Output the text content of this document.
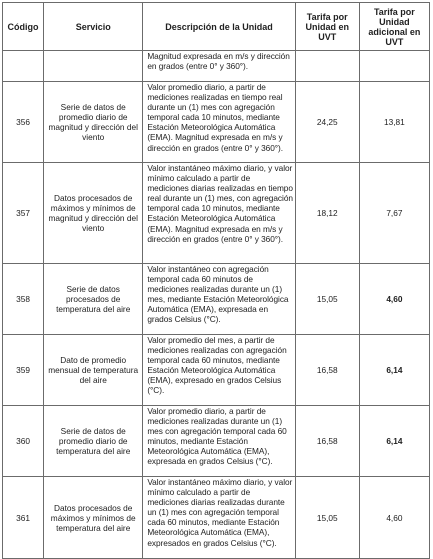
Código	Servicio	Descripción de la Unidad	Tarifa por Unidad en UVT	Tarifa por Unidad adicional en UVT
		Magnitud expresada en m/s y dirección en grados (entre 0° y 360°).		
356	Serie de datos de promedio diario de magnitud y dirección del viento	Valor promedio diario, a partir de mediciones realizadas en tiempo real durante un (1) mes con agregación temporal cada 10 minutos, mediante Estación Meteorológica Automática (EMA). Magnitud expresada en m/s y dirección en grados (entre 0° y 360°).	24,25	13,81
357	Datos procesados de máximos y mínimos de magnitud y dirección del viento	Valor instantáneo máximo diario, y valor mínimo calculado a partir de mediciones diarias realizadas en tiempo real durante un (1) mes, con agregación temporal cada 10 minutos, mediante Estación Meteorológica Automática (EMA). Magnitud expresada en m/s y dirección en grados (entre 0° y 360°).	18,12	7,67
358	Serie de datos procesados de temperatura del aire	Valor instantáneo con agregación temporal cada 60 minutos de mediciones realizadas durante un (1) mes, mediante Estación Meteorológica Automática (EMA), expresada en grados Celsius (°C).	15,05	4,60
359	Dato de promedio mensual de temperatura del aire	Valor promedio del mes, a partir de mediciones realizadas con agregación temporal cada 60 minutos, mediante Estación Meteorológica Automática (EMA), expresado en grados Celsius (°C).	16,58	6,14
360	Serie de datos de promedio diario de temperatura del aire	Valor promedio diario, a partir de mediciones realizadas durante un (1) mes con agregación temporal cada 60 minutos, mediante Estación Meteorológica Automática (EMA), expresada en grados Celsius (°C).	16,58	6,14
361	Datos procesados de máximos y mínimos de temperatura del aire	Valor instantáneo máximo diario, y valor mínimo calculado a partir de mediciones diarias realizadas durante un (1) mes con agregación temporal cada 60 minutos, mediante Estación Meteorológica Automática (EMA), expresados en grados Celsius (°C).	15,05	4,60
